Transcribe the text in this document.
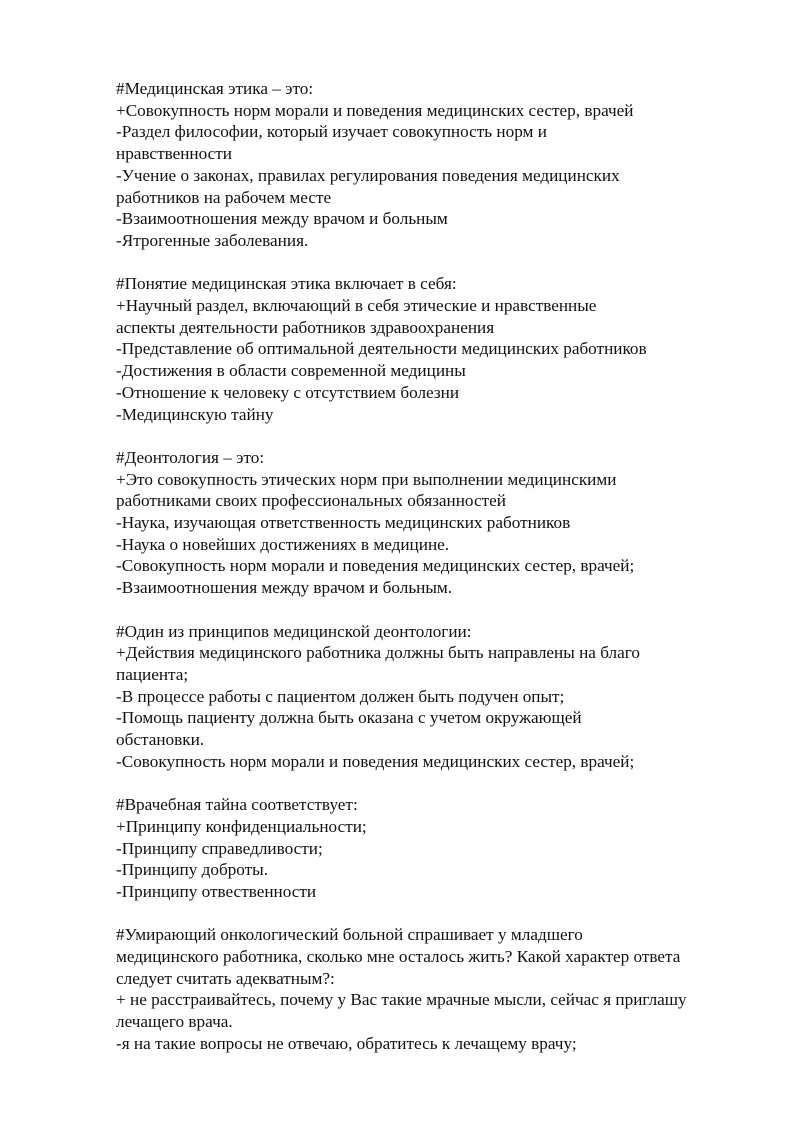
#Медицинская этика – это:
+Совокупность норм морали и поведения медицинских сестер, врачей
-Раздел философии, который изучает совокупность норм и
нравственности
-Учение о законах, правилах регулирования поведения медицинских
работников на рабочем месте
-Взаимоотношения между врачом и больным
-Ятрогенные заболевания.
#Понятие медицинская этика включает в себя:
+Научный раздел, включающий в себя этические и нравственные
аспекты деятельности работников здравоохранения
-Представление об оптимальной деятельности медицинских работников
-Достижения в области современной медицины
-Отношение к человеку с отсутствием болезни
-Медицинскую тайну
#Деонтология – это:
+Это совокупность этических норм при выполнении медицинскими
работниками своих профессиональных обязанностей
-Наука, изучающая ответственность медицинских работников
-Наука о новейших достижениях в медицине.
-Совокупность норм морали и поведения медицинских сестер, врачей;
-Взаимоотношения между врачом и больным.
#Один из принципов медицинской деонтологии:
+Действия медицинского работника должны быть направлены на благо
пациента;
-В процессе работы с пациентом должен быть подучен опыт;
-Помощь пациенту должна быть оказана с учетом окружающей
обстановки.
-Совокупность норм морали и поведения медицинских сестер, врачей;
#Врачебная тайна соответствует:
+Принципу конфиденциальности;
-Принципу справедливости;
-Принципу доброты.
-Принципу отвественности
#Умирающий онкологический больной спрашивает у младшего
медицинского работника, сколько мне осталось жить? Какой характер ответа
следует считать адекватным?:
+ не расстраивайтесь, почему у Вас такие мрачные мысли, сейчас я приглашу
лечащего врача.
-я на такие вопросы не отвечаю, обратитесь к лечащему врачу;
